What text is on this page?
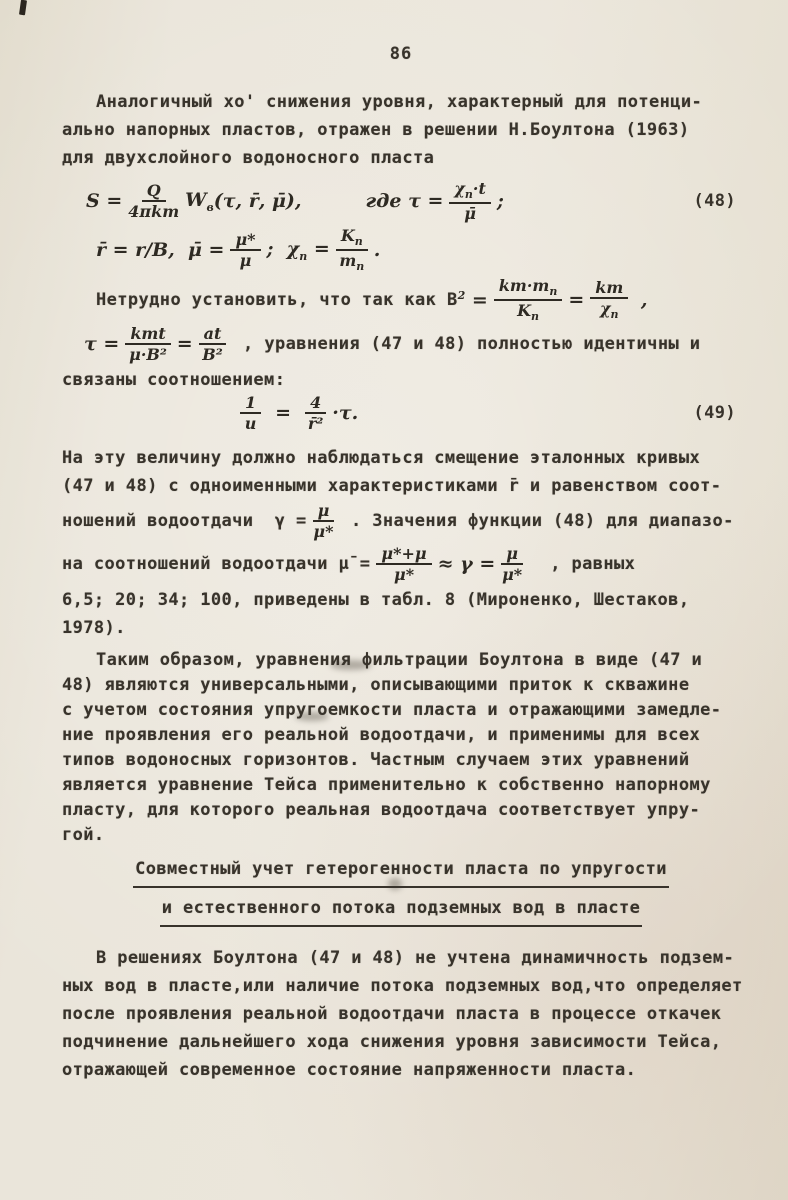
86
Аналогичный хо' снижения уровня, характерный для потенци-
ально напорных пластов, отражен в решении Н.Боултона (1963)
для двухслойного водоносного пласта
$S = \frac{Q}{\text{4πkm}} W_в$ (τ, r̄, μ̄),	где $\tau = \frac{\chi_п\cdot t}{\mū}$ ;	(48)
r̄ = r/B,  μ̄ = $\frac{\mu*}{\mu}$ ;  $\chi_п = \frac{K_п}{m_п}$ .
Нетрудно установить, что так как B $^2 = \frac{km\cdot m_п}{K_п} = \frac{km}{\chi_п}$ ,
$\tau = \frac{\text{kmt}}{\text{μ·B²}} = \frac{at}{\text{B²}}$ , уравнения (47 и 48) полностью идентичны и
связаны соотношением:
$\frac{1}{u} = \frac{4}{\text{r̄²}} \cdot\tau$.	(49)
На эту величину должно наблюдаться смещение эталонных кривых
(47 и 48) с одноименными характеристиками r̄ и равенством соот-
ношений водоотдачи  $\gamma = \frac{\mu}{\mu*}$ . Значения функции (48) для диапазо-
на соотношений водоотдачи μ̄ = $\frac{\mu*+\mu}{\mu*} \approx \gamma = \frac{\mu}{\mu*}$ , равных
6,5; 20; 34; 100, приведены в табл. 8 (Мироненко, Шестаков,
1978).
Таким образом, уравнения фильтрации Боултона в виде (47 и
48) являются универсальными, описывающими приток к скважине
с учетом состояния упругоемкости пласта и отражающими замедле-
ние проявления его реальной водоотдачи, и применимы для всех
типов водоносных горизонтов. Частным случаем этих уравнений
является уравнение Тейса применительно к собственно напорному
пласту, для которого реальная водоотдача соответствует упру-
гой.
Совместный учет гетерогенности пласта по упругости
и естественного потока подземных вод в пласте
В решениях Боултона (47 и 48) не учтена динамичность подзем-
ных вод в пласте,или наличие потока подземных вод,что определяет
после проявления реальной водоотдачи пласта в процессе откачек
подчинение дальнейшего хода снижения уровня зависимости Тейса,
отражающей современное состояние напряженности пласта.
